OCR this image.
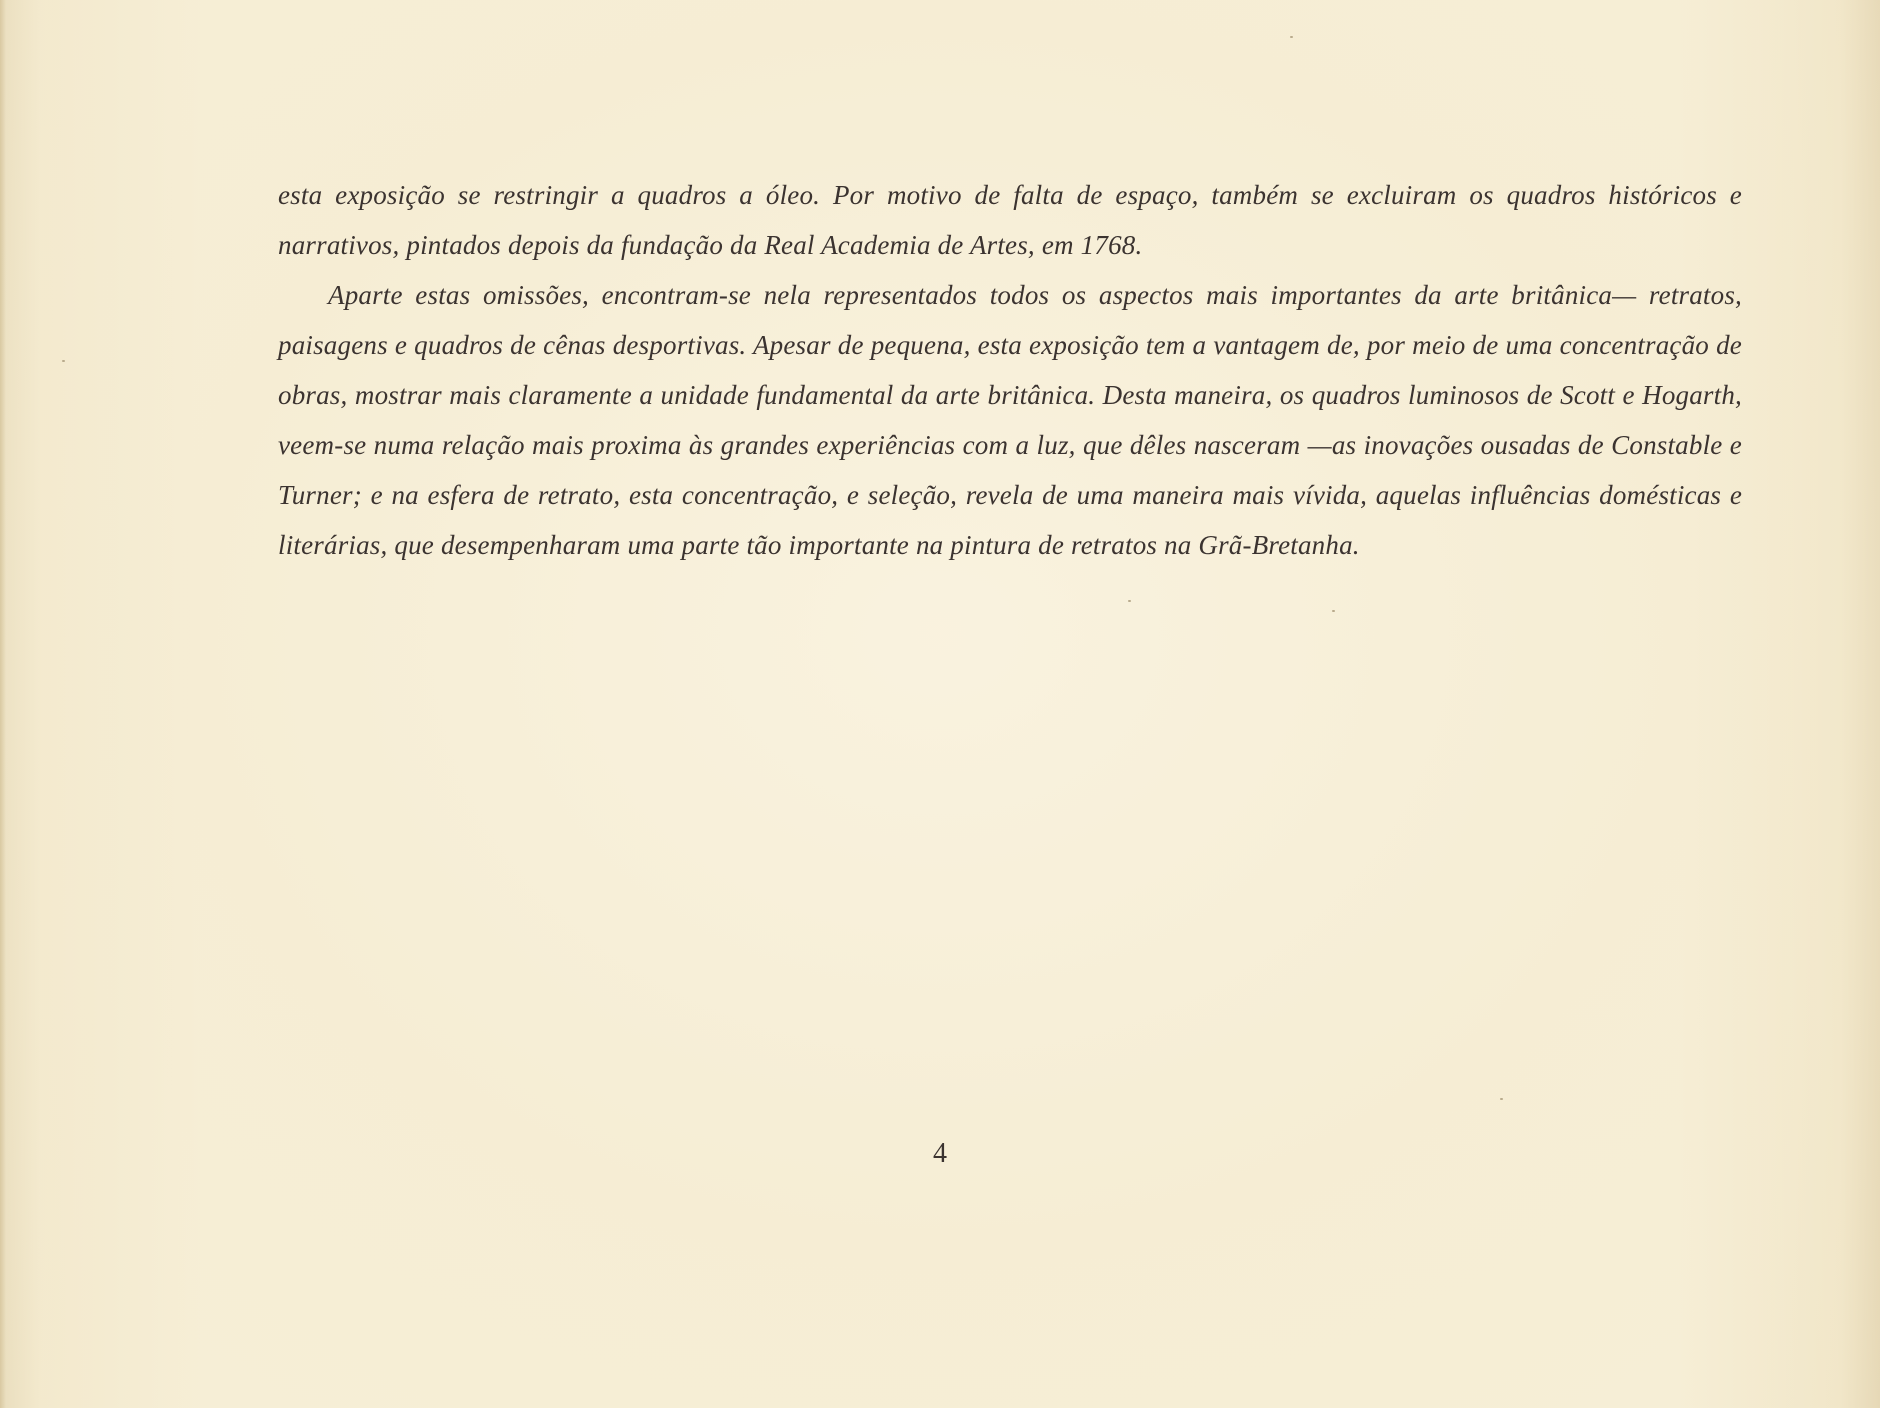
esta exposição se restringir a quadros a óleo. Por motivo de falta de espaço, também se excluiram os quadros históricos e narrativos, pintados depois da fundação da Real Academia de Artes, em 1768.

Aparte estas omissões, encontram-se nela representados todos os aspectos mais importantes da arte britânica— retratos, paisagens e quadros de cênas desportivas. Apesar de pequena, esta exposição tem a vantagem de, por meio de uma concentração de obras, mostrar mais claramente a unidade fundamental da arte britânica. Desta maneira, os quadros luminosos de Scott e Hogarth, veem-se numa relação mais proxima às grandes experiências com a luz, que dêles nasceram —as inovações ousadas de Constable e Turner; e na esfera de retrato, esta concentração, e seleção, revela de uma maneira mais vívida, aquelas influências domésticas e literárias, que desempenharam uma parte tão importante na pintura de retratos na Grã-Bretanha.

4
